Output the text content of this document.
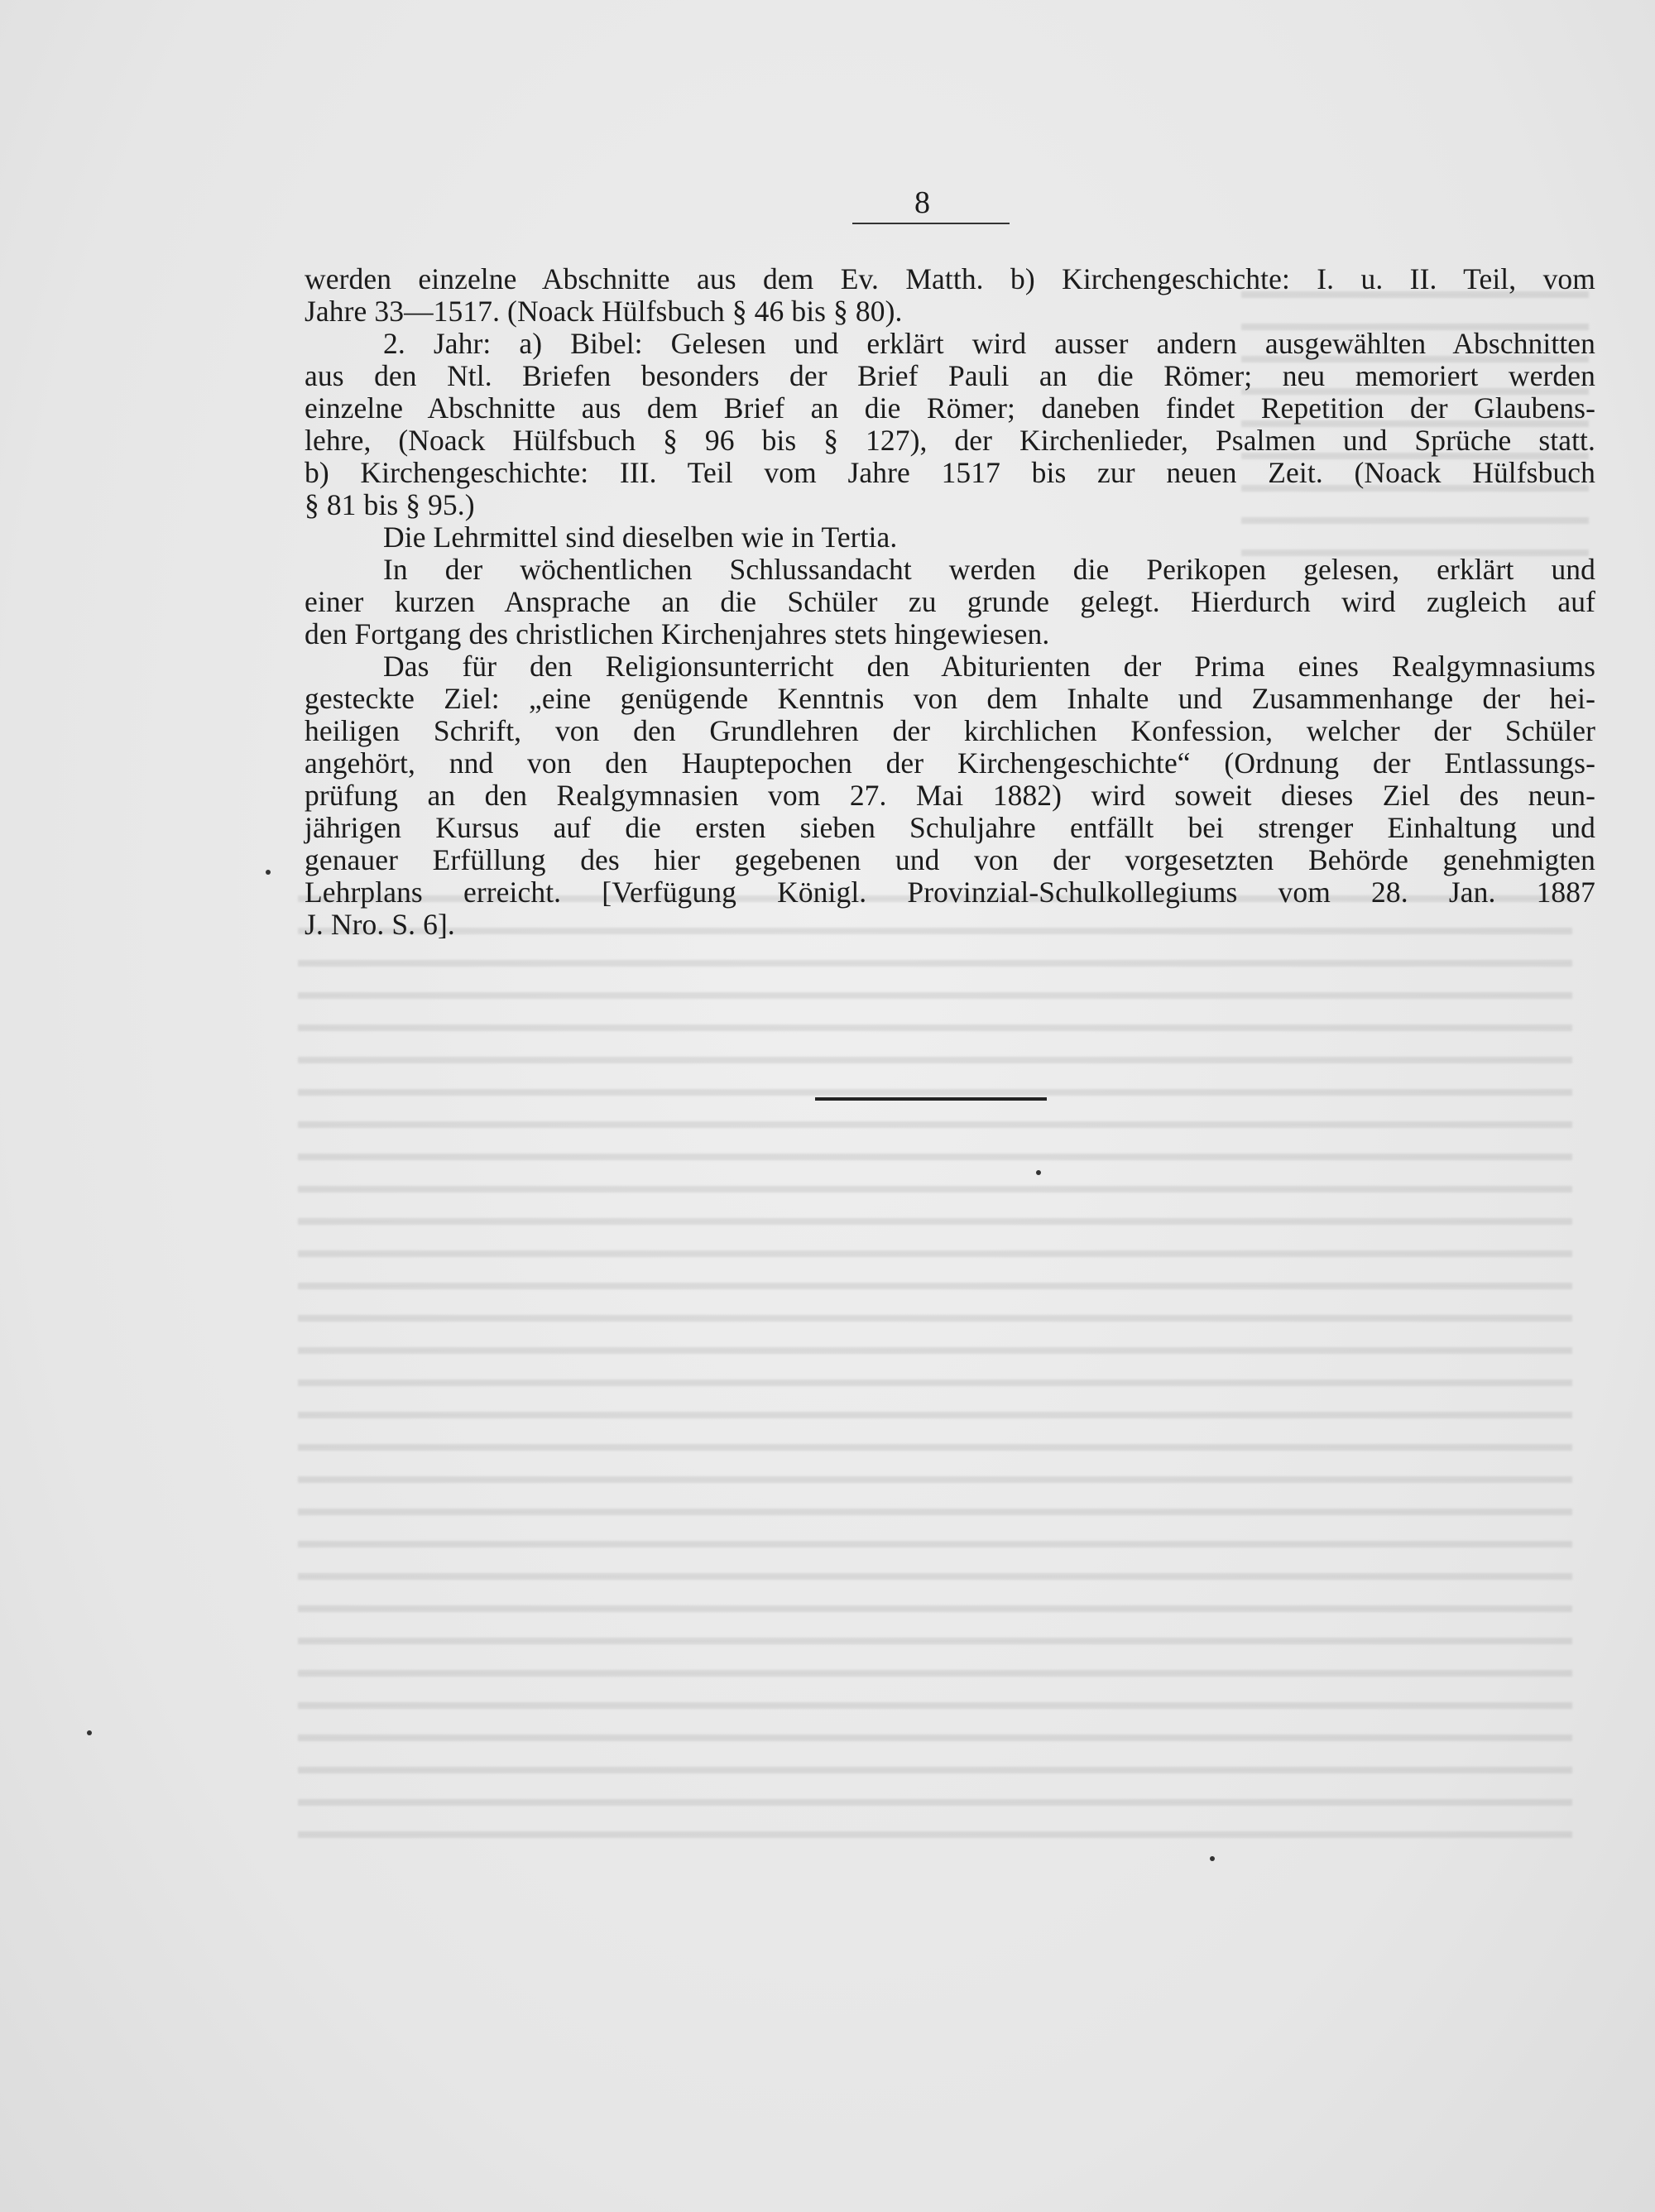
8
werden einzelne Abschnitte aus dem Ev. Matth. b) Kirchengeschichte: I. u. II. Teil, vom
Jahre 33—1517. (Noack Hülfsbuch § 46 bis § 80).
2. Jahr: a) Bibel: Gelesen und erklärt wird ausser andern ausgewählten Abschnitten
aus den Ntl. Briefen besonders der Brief Pauli an die Römer; neu memoriert werden
einzelne Abschnitte aus dem Brief an die Römer; daneben findet Repetition der Glaubens-
lehre, (Noack Hülfsbuch § 96 bis § 127), der Kirchenlieder, Psalmen und Sprüche statt.
b) Kirchengeschichte: III. Teil vom Jahre 1517 bis zur neuen Zeit. (Noack Hülfsbuch
§ 81 bis § 95.)
Die Lehrmittel sind dieselben wie in Tertia.
In der wöchentlichen Schlussandacht werden die Perikopen gelesen, erklärt und
einer kurzen Ansprache an die Schüler zu grunde gelegt. Hierdurch wird zugleich auf
den Fortgang des christlichen Kirchenjahres stets hingewiesen.
Das für den Religionsunterricht den Abiturienten der Prima eines Realgymnasiums
gesteckte Ziel: „eine genügende Kenntnis von dem Inhalte und Zusammenhange der hei-
heiligen Schrift, von den Grundlehren der kirchlichen Konfession, welcher der Schüler
angehört, nnd von den Hauptepochen der Kirchengeschichte“ (Ordnung der Entlassungs-
prüfung an den Realgymnasien vom 27. Mai 1882) wird soweit dieses Ziel des neun-
jährigen Kursus auf die ersten sieben Schuljahre entfällt bei strenger Einhaltung und
genauer Erfüllung des hier gegebenen und von der vorgesetzten Behörde genehmigten
Lehrplans erreicht. [Verfügung Königl. Provinzial-Schulkollegiums vom 28. Jan. 1887
J. Nro. S. 6].
